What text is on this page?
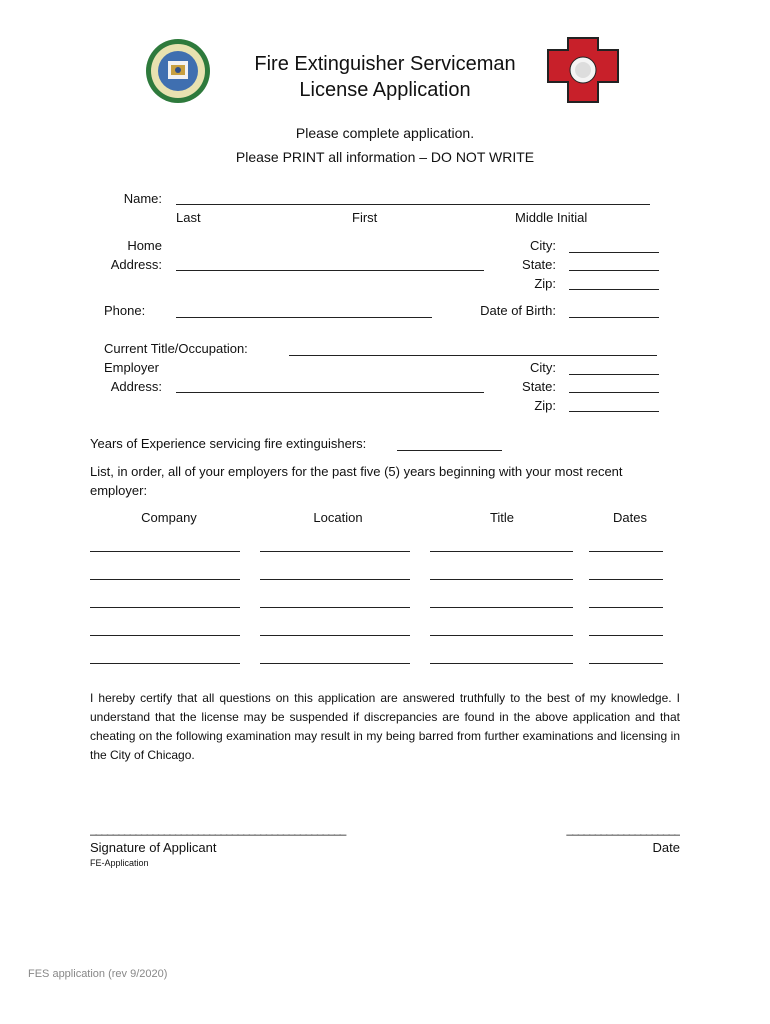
Fire Extinguisher Serviceman
License Application
Please complete application.
Please PRINT all information – DO NOT WRITE
Name:
Last	First	Middle Initial
Home
Address:
City:
State:
Zip:
Phone:	Date of Birth:
Current Title/Occupation:
Employer
Address:
City:
State:
Zip:
Years of Experience servicing fire extinguishers:
List, in order, all of your employers for the past five (5) years beginning with your most recent employer:
Company	Location	Title	Dates
I hereby certify that all questions on this application are answered truthfully to the best of my knowledge. I understand that the license may be suspended if discrepancies are found in the above application and that cheating on the following examination may result in my being barred from further examinations and licensing in the City of Chicago.
_____________________________________________	____________________
Signature of Applicant	Date
FE-Application
FES application (rev 9/2020)
